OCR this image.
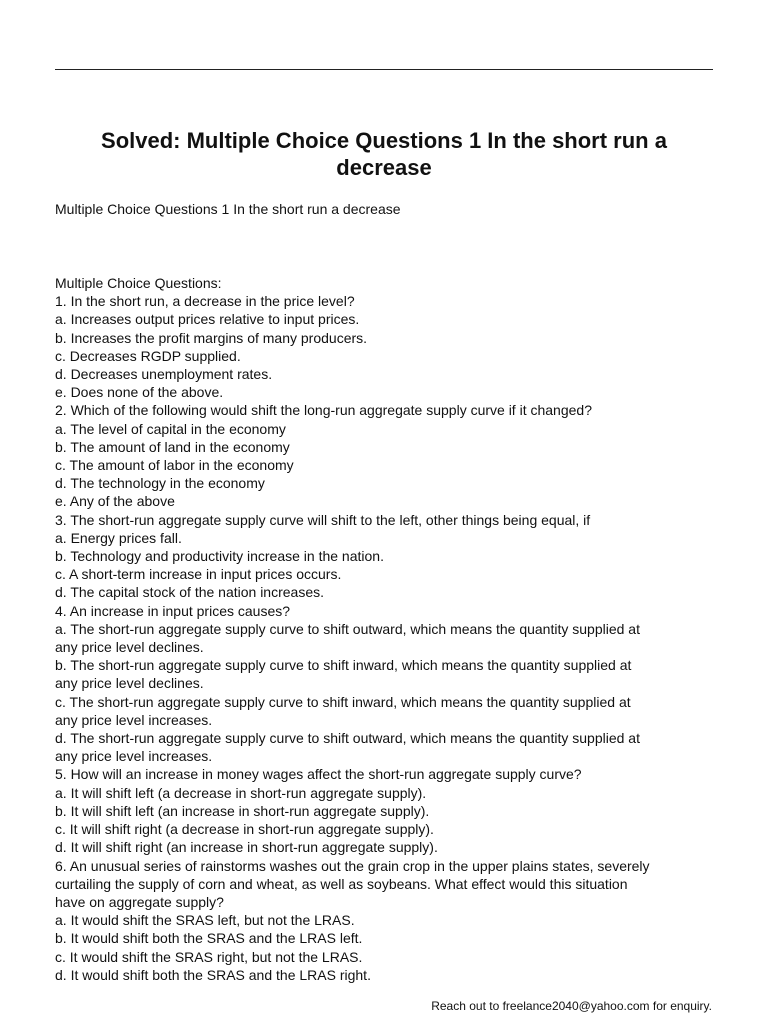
Solved: Multiple Choice Questions 1 In the short run a decrease

Multiple Choice Questions 1 In the short run a decrease

Multiple Choice Questions:
1. In the short run, a decrease in the price level?
a. Increases output prices relative to input prices.
b. Increases the profit margins of many producers.
c. Decreases RGDP supplied.
d. Decreases unemployment rates.
e. Does none of the above.
2. Which of the following would shift the long-run aggregate supply curve if it changed?
a. The level of capital in the economy
b. The amount of land in the economy
c. The amount of labor in the economy
d. The technology in the economy
e. Any of the above
3. The short-run aggregate supply curve will shift to the left, other things being equal, if
a. Energy prices fall.
b. Technology and productivity increase in the nation.
c. A short-term increase in input prices occurs.
d. The capital stock of the nation increases.
4. An increase in input prices causes?
a. The short-run aggregate supply curve to shift outward, which means the quantity supplied at
any price level declines.
b. The short-run aggregate supply curve to shift inward, which means the quantity supplied at
any price level declines.
c. The short-run aggregate supply curve to shift inward, which means the quantity supplied at
any price level increases.
d. The short-run aggregate supply curve to shift outward, which means the quantity supplied at
any price level increases.
5. How will an increase in money wages affect the short-run aggregate supply curve?
a. It will shift left (a decrease in short-run aggregate supply).
b. It will shift left (an increase in short-run aggregate supply).
c. It will shift right (a decrease in short-run aggregate supply).
d. It will shift right (an increase in short-run aggregate supply).
6. An unusual series of rainstorms washes out the grain crop in the upper plains states, severely
curtailing the supply of corn and wheat, as well as soybeans. What effect would this situation
have on aggregate supply?
a. It would shift the SRAS left, but not the LRAS.
b. It would shift both the SRAS and the LRAS left.
c. It would shift the SRAS right, but not the LRAS.
d. It would shift both the SRAS and the LRAS right.

Reach out to freelance2040@yahoo.com for enquiry.
